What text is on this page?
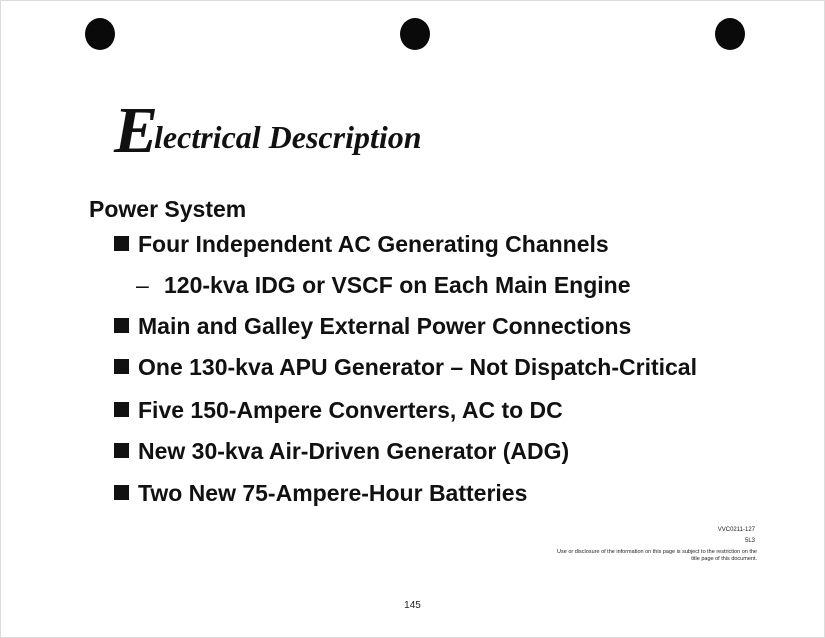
Electrical Description
Power System
Four Independent AC Generating Channels
– 120-kva IDG or VSCF on Each Main Engine
Main and Galley External Power Connections
One 130-kva APU Generator – Not Dispatch-Critical
Five 150-Ampere Converters, AC to DC
New 30-kva Air-Driven Generator (ADG)
Two New 75-Ampere-Hour Batteries
VVC0211-127
5L3
Use or disclosure of the information on this page is subject to the restriction on the title page of this document.
145
